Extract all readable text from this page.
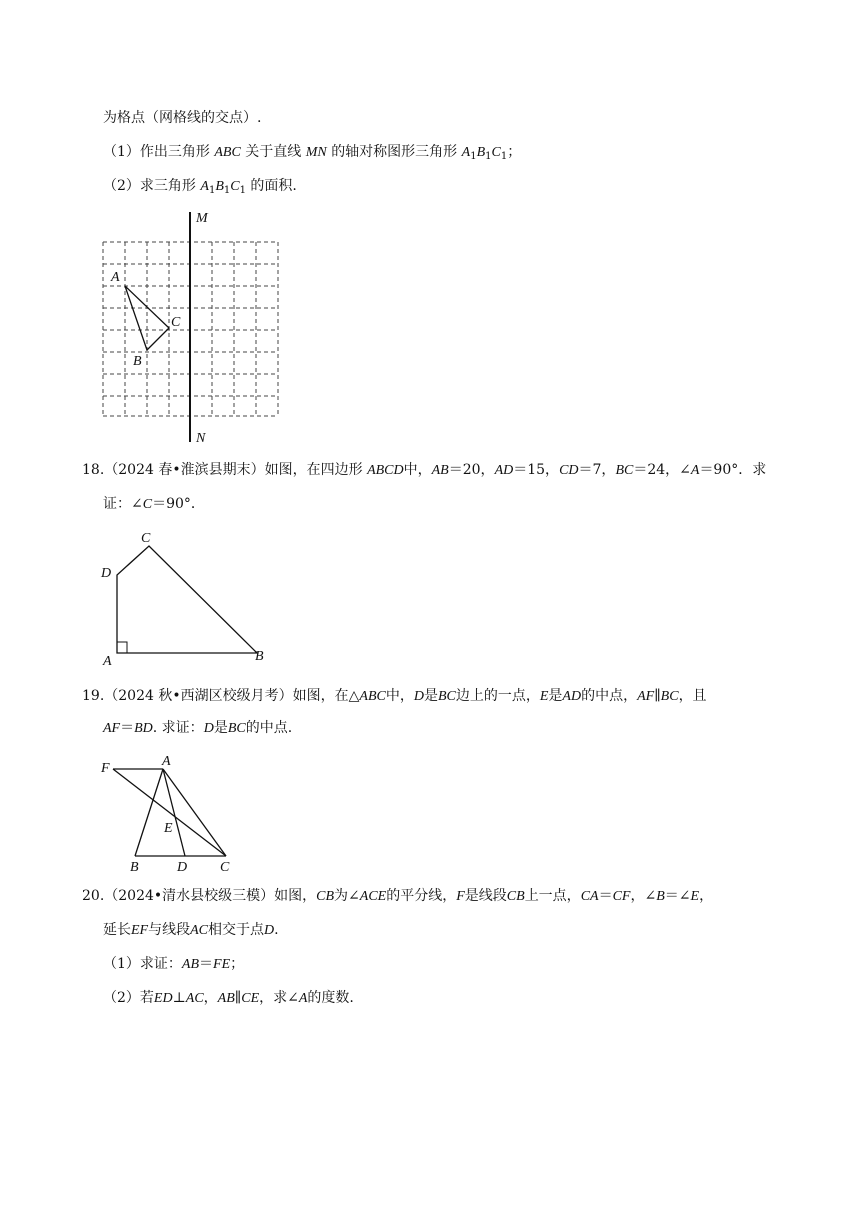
为格点（网格线的交点）.
（1）作出三角形 ABC 关于直线 MN 的轴对称图形三角形 $A_1B_1C_1$；
（2）求三角形 $A_1B_1C_1$ 的面积.
M
N
A
B
C
18.（2024 春•淮滨县期末）如图，在四边形 ABCD中，AB＝20，AD＝15，CD＝7，BC＝24，∠A＝90°．求
证：∠C＝90°．
C
D
A	B
19.（2024 秋•西湖区校级月考）如图，在△ABC中，D是BC边上的一点，E是AD的中点，AF∥BC，且
AF＝BD. 求证：D是BC的中点.
F	A
E
B	D C
20.（2024•清水县校级三模）如图，CB为∠ACE的平分线，F是线段CB上一点，CA＝CF，∠B＝∠E，
延长EF与线段AC相交于点D.
（1）求证：AB＝FE；
（2）若ED⊥AC，AB∥CE，求∠A的度数.
